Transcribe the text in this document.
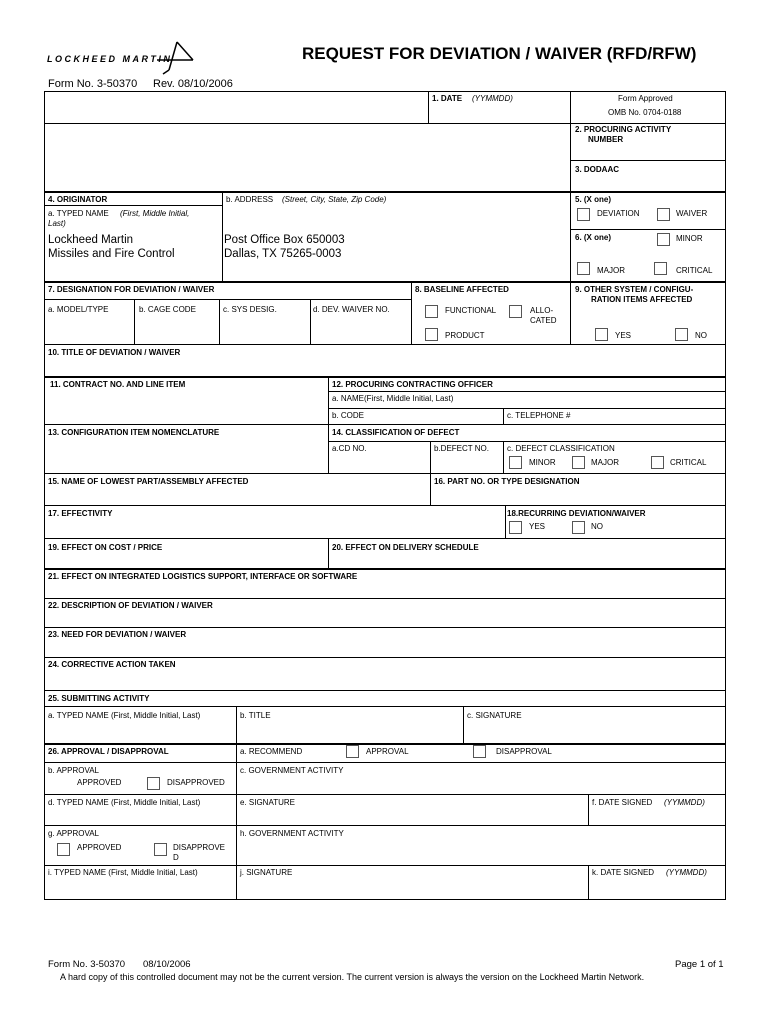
LOCKHEED MARTIN	REQUEST FOR DEVIATION / WAIVER (RFD/RFW)
Form No. 3-50370 Rev. 08/10/2006
1. DATE (YYMMDD)	Form Approved
OMB No. 0704-0188
2. PROCURING ACTIVITY
NUMBER
3. DODAAC
4. ORIGINATOR
a. TYPED NAME (First, Middle Initial,
Last)
Lockheed Martin
Missiles and Fire Control
b. ADDRESS (Street, City, State, Zip Code)
Post Office Box 650003
Dallas, TX 75265-0003
5. (X one)
DEVIATION	WAIVER
6. (X one)	MINOR
MAJOR	CRITICAL
7. DESIGNATION FOR DEVIATION / WAIVER
a. MODEL/TYPE	b. CAGE CODE	c. SYS DESIG.	d. DEV. WAIVER NO.
8. BASELINE AFFECTED
FUNCTIONAL	ALLO-
CATED
PRODUCT
9. OTHER SYSTEM / CONFIGU-
RATION ITEMS AFFECTED
YES	NO
10. TITLE OF DEVIATION / WAIVER
11. CONTRACT NO. AND LINE ITEM	12. PROCURING CONTRACTING OFFICER
a. NAME(First, Middle Initial, Last)
b. CODE	c. TELEPHONE #
13. CONFIGURATION ITEM NOMENCLATURE	14. CLASSIFICATION OF DEFECT
a.CD NO.	b.DEFECT NO. c. DEFECT CLASSIFICATION
MINOR	MAJOR	CRITICAL
15. NAME OF LOWEST PART/ASSEMBLY AFFECTED	16. PART NO. OR TYPE DESIGNATION
17. EFFECTIVITY	18.RECURRING DEVIATION/WAIVER
YES	NO
19. EFFECT ON COST / PRICE	20. EFFECT ON DELIVERY SCHEDULE
21. EFFECT ON INTEGRATED LOGISTICS SUPPORT, INTERFACE OR SOFTWARE
22. DESCRIPTION OF DEVIATION / WAIVER
23. NEED FOR DEVIATION / WAIVER
24. CORRECTIVE ACTION TAKEN
25. SUBMITTING ACTIVITY
a. TYPED NAME (First, Middle Initial, Last)	b. TITLE	c. SIGNATURE
26. APPROVAL / DISAPPROVAL	a. RECOMMEND	APPROVAL	DISAPPROVAL
b. APPROVAL
APPROVED	DISAPPROVED
c. GOVERNMENT ACTIVITY
d. TYPED NAME (First, Middle Initial, Last)	e. SIGNATURE	f. DATE SIGNED (YYMMDD)
g. APPROVAL
APPROVED	DISAPPROVE
D
h. GOVERNMENT ACTIVITY
i. TYPED NAME (First, Middle Initial, Last)	j. SIGNATURE	k. DATE SIGNED (YYMMDD)
Form No. 3-50370 08/10/2006	Page 1 of 1
A hard copy of this controlled document may not be the current version. The current version is always the version on the Lockheed Martin Network.
